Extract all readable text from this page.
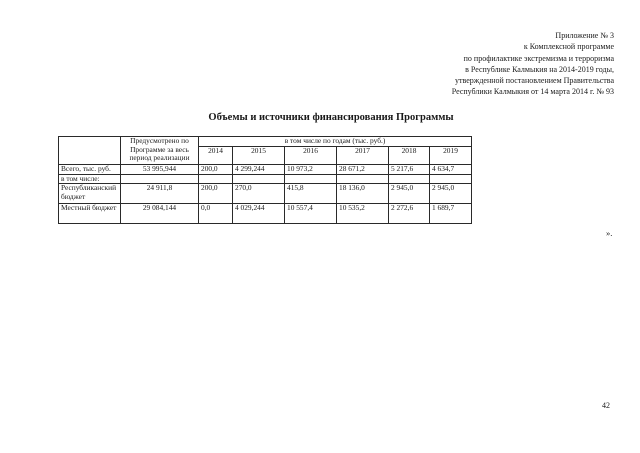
Приложение № 3
к Комплексной программе
по профилактике экстремизма и терроризма
в Республике Калмыкия на 2014-2019 годы,
утвержденной постановлением Правительства
Республики Калмыкия от 14 марта 2014 г. № 93
Объемы и источники финансирования Программы
	Предусмотрено по Программе за весь период реализации	в том числе по годам (тыс. руб.)					
		2014	2015	2016	2017	2018	2019
Всего, тыс. руб.	53 995,944	200,0	4 299,244	10 973,2	28 671,2	5 217,6	4 634,7
в том числе:							
Республиканский бюджет	24 911,8	200,0	270,0	415,8	18 136,0	2 945,0	2 945,0
Местный бюджет	29 084,144	0,0	4 029,244	10 557,4	10 535,2	2 272,6	1 689,7
».
42
